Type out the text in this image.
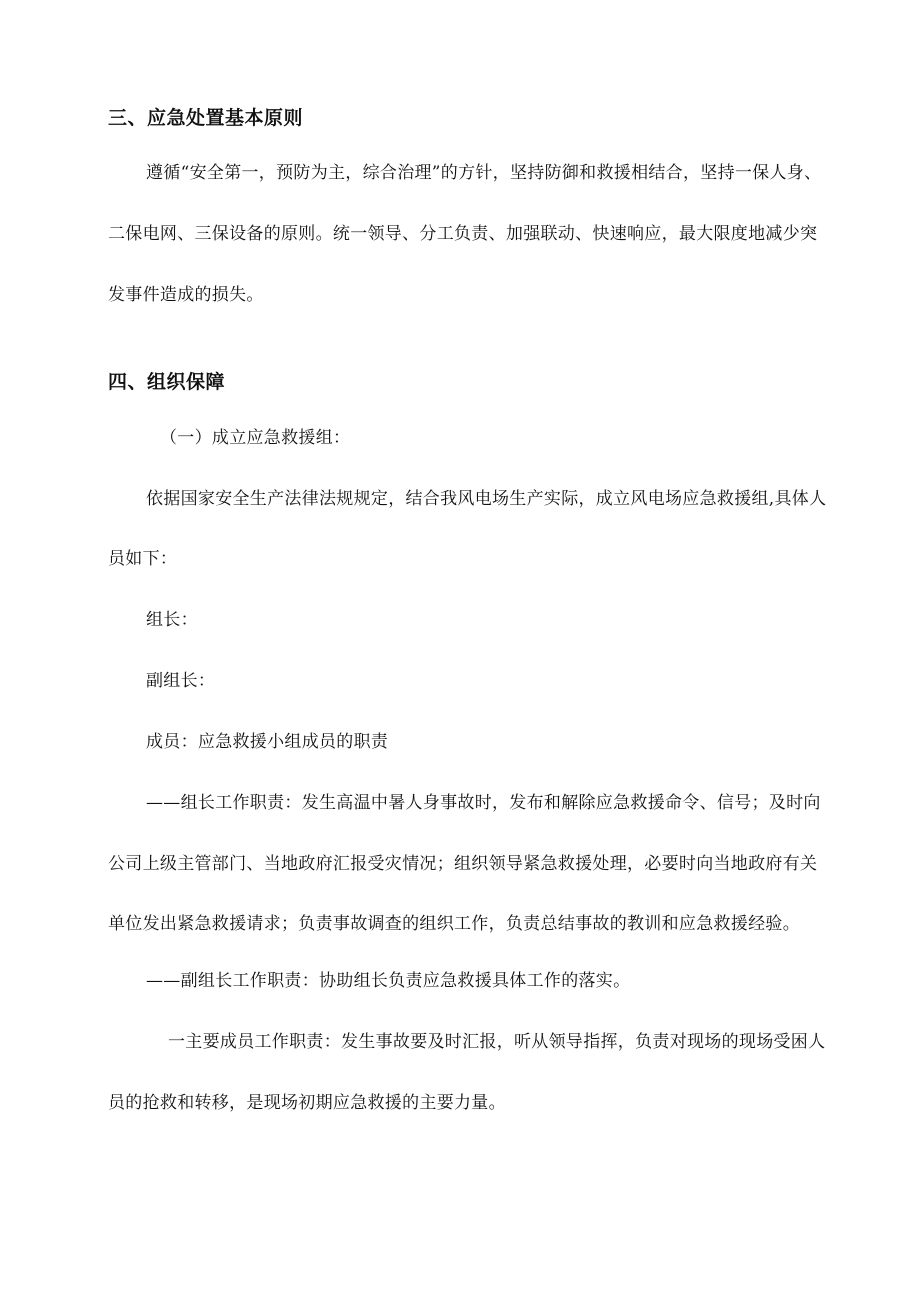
三、应急处置基本原则
遵循“安全第一，预防为主，综合治理”的方针，坚持防御和救援相结合，坚持一保人身、
二保电网、三保设备的原则。统一领导、分工负责、加强联动、快速响应，最大限度地减少突
发事件造成的损失。
四、组织保障
（一）成立应急救援组：
依据国家安全生产法律法规规定，结合我风电场生产实际，成立风电场应急救援组,具体人
员如下：
组长：
副组长：
成员：应急救援小组成员的职责
——组长工作职责：发生高温中暑人身事故时，发布和解除应急救援命令、信号；及时向
公司上级主管部门、当地政府汇报受灾情况；组织领导紧急救援处理，必要时向当地政府有关
单位发出紧急救援请求；负责事故调查的组织工作，负责总结事故的教训和应急救援经验。
——副组长工作职责：协助组长负责应急救援具体工作的落实。
一主要成员工作职责：发生事故要及时汇报，听从领导指挥，负责对现场的现场受困人
员的抢救和转移，是现场初期应急救援的主要力量。
